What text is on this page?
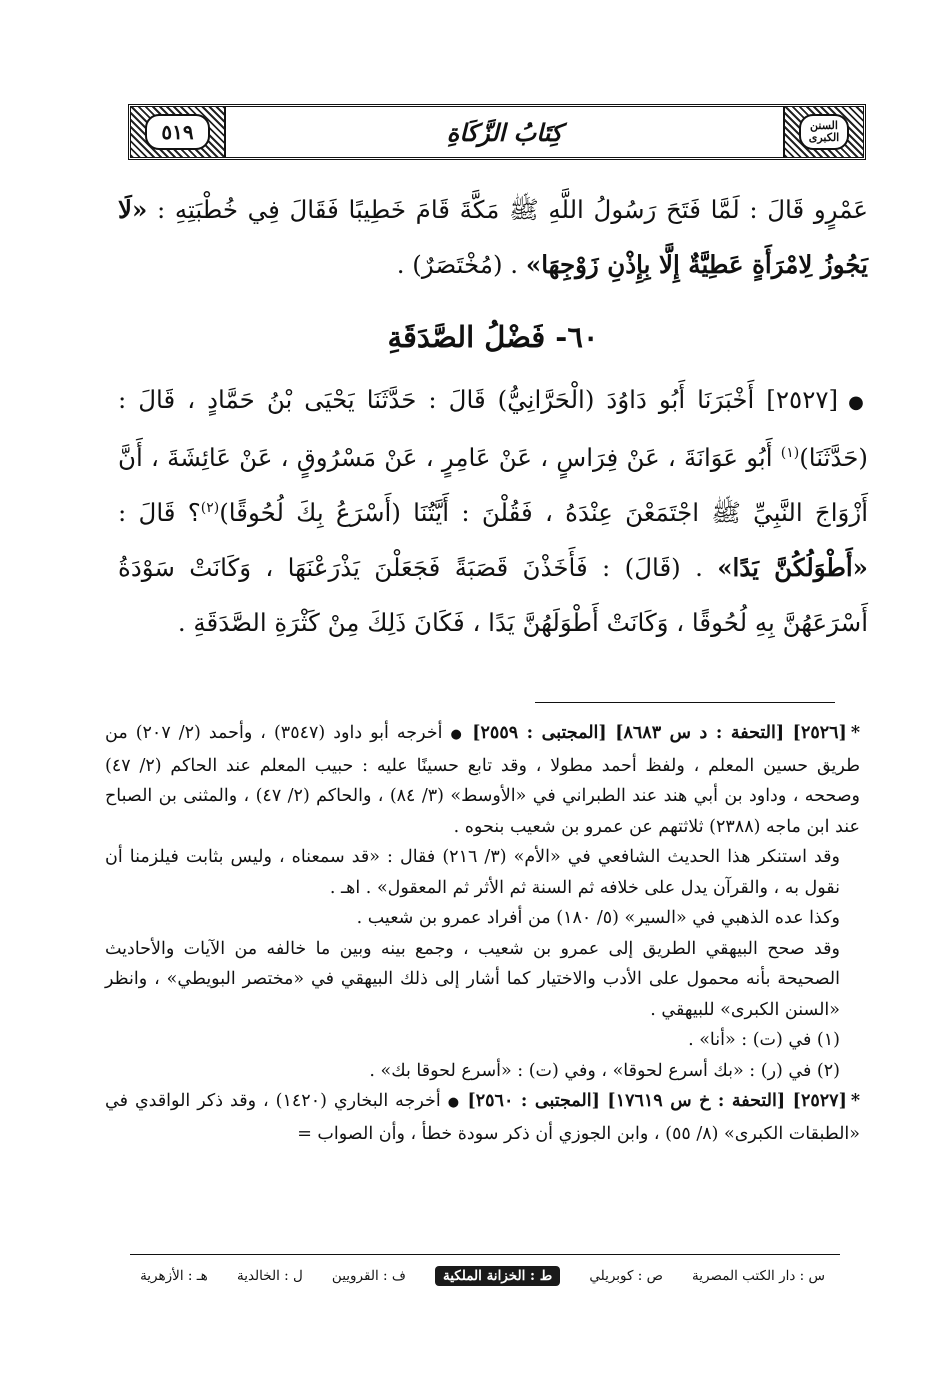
السنن الكبرى
كِتَابُ الزَّكَاةِ
٥١٩

عَمْرٍو قَالَ : لَمَّا فَتَحَ رَسُولُ اللَّهِ ﷺ مَكَّةَ قَامَ خَطِيبًا فَقَالَ فِي خُطْبَتِهِ : «لَا يَجُوزُ لِامْرَأَةٍ عَطِيَّةٌ إِلَّا بِإِذْنِ زَوْجِهَا» . (مُخْتَصَرٌ) .

٦٠- فَضْلُ الصَّدَقَةِ

●[٢٥٢٧] أَخْبَرَنَا أَبُو دَاوُدَ (الْحَرَّانِيُّ) قَالَ : حَدَّثَنَا يَحْيَى بْنُ حَمَّادٍ ، قَالَ : (حَدَّثَنَا)$^{(١)}$ أَبُو عَوَانَةَ ، عَنْ فِرَاسٍ ، عَنْ عَامِرٍ ، عَنْ مَسْرُوقٍ ، عَنْ عَائِشَةَ ، أَنَّ أَزْوَاجَ النَّبِيِّ ﷺ اجْتَمَعْنَ عِنْدَهُ ، فَقُلْنَ : أَيَّتُنَا (أَسْرَعُ بِكَ لُحُوقًا)$^{(٢)}$؟ قَالَ : «أَطْوَلُكُنَّ يَدًا» . (قَالَ) : فَأَخَذْنَ قَصَبَةً فَجَعَلْنَ يَذْرَعْنَهَا ، وَكَانَتْ سَوْدَةُ أَسْرَعَهُنَّ بِهِ لُحُوقًا ، وَكَانَتْ أَطْوَلَهُنَّ يَدًا ، فَكَانَ ذَلِكَ مِنْ كَثْرَةِ الصَّدَقَةِ .

*[٢٥٢٦] [التحفة : د س ٨٦٨٣] [المجتبى : ٢٥٥٩] ● أخرجه أبو داود (٣٥٤٧) ، وأحمد (٢/ ٢٠٧) من طريق حسين المعلم ، ولفظ أحمد مطولا ، وقد تابع حسينًا عليه : حبيب المعلم عند الحاكم (٢/ ٤٧) وصححه ، وداود بن أبي هند عند الطبراني في «الأوسط» (٣/ ٨٤) ، والحاكم (٢/ ٤٧) ، والمثنى بن الصباح عند ابن ماجه (٢٣٨٨) ثلاثتهم عن عمرو بن شعيب بنحوه .

وقد استنكر هذا الحديث الشافعي في «الأم» (٣/ ٢١٦) فقال : «قد سمعناه ، وليس بثابت فيلزمنا أن نقول به ، والقرآن يدل على خلافه ثم السنة ثم الأثر ثم المعقول» . اهـ .

وكذا عده الذهبي في «السير» (٥/ ١٨٠) من أفراد عمرو بن شعيب .

وقد صحح البيهقي الطريق إلى عمرو بن شعيب ، وجمع بينه وبين ما خالفه من الآيات والأحاديث الصحيحة بأنه محمول على الأدب والاختيار كما أشار إلى ذلك البيهقي في «مختصر البويطي» ، وانظر «السنن الكبرى» للبيهقي .

(١) في (ت) : «أنا» .

(٢) في (ر) : «بك أسرع لحوقا» ، وفي (ت) : «أسرع لحوقا بك» .

*[٢٥٢٧] [التحفة : خ س ١٧٦١٩] [المجتبى : ٢٥٦٠] ● أخرجه البخاري (١٤٢٠) ، وقد ذكر الواقدي في «الطبقات الكبرى» (٨/ ٥٥) ، وابن الجوزي أن ذكر سودة خطأ ، وأن الصواب =

س : دار الكتب المصرية
ص : كوبريلي
ط : الخزانة الملكية
ف : القرويين
ل : الخالدية
هـ : الأزهرية
